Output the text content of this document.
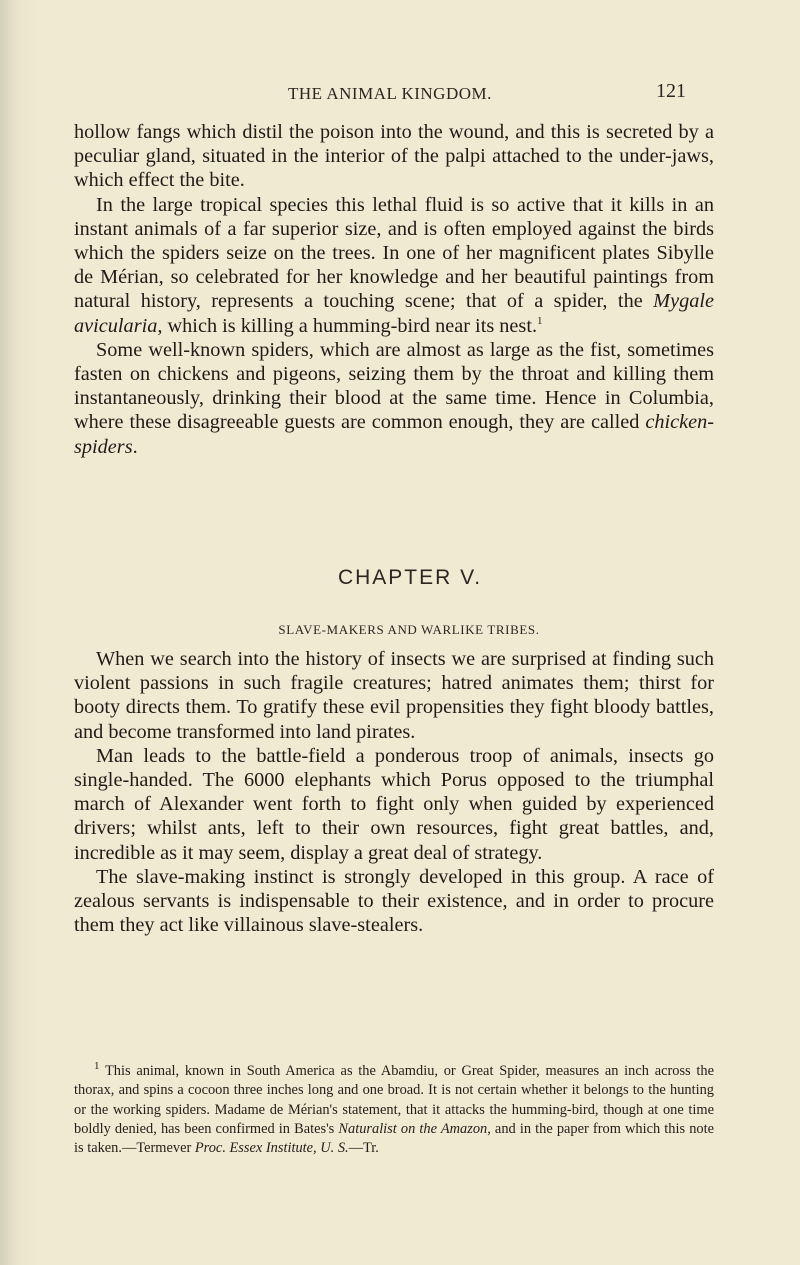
THE ANIMAL KINGDOM.	121

hollow fangs which distil the poison into the wound, and this is secreted by a peculiar gland, situated in the interior of the palpi attached to the under-jaws, which effect the bite.

In the large tropical species this lethal fluid is so active that it kills in an instant animals of a far superior size, and is often employed against the birds which the spiders seize on the trees. In one of her magnificent plates Sibylle de Mérian, so celebrated for her knowledge and her beautiful paintings from natural history, represents a touching scene; that of a spider, the Mygale avicularia, which is killing a humming-bird near its nest.$^1$

Some well-known spiders, which are almost as large as the fist, sometimes fasten on chickens and pigeons, seizing them by the throat and killing them instantaneously, drinking their blood at the same time. Hence in Columbia, where these disagreeable guests are common enough, they are called chicken-spiders.

CHAPTER V.
SLAVE-MAKERS AND WARLIKE TRIBES.

When we search into the history of insects we are surprised at finding such violent passions in such fragile creatures; hatred animates them; thirst for booty directs them. To gratify these evil propensities they fight bloody battles, and become transformed into land pirates.

Man leads to the battle-field a ponderous troop of animals, insects go single-handed. The 6000 elephants which Porus opposed to the triumphal march of Alexander went forth to fight only when guided by experienced drivers; whilst ants, left to their own resources, fight great battles, and, incredible as it may seem, display a great deal of strategy.

The slave-making instinct is strongly developed in this group. A race of zealous servants is indispensable to their existence, and in order to procure them they act like villainous slave-stealers.

$^1$ This animal, known in South America as the Abamdiu, or Great Spider, measures an inch across the thorax, and spins a cocoon three inches long and one broad. It is not certain whether it belongs to the hunting or the working spiders. Madame de Mérian's statement, that it attacks the humming-bird, though at one time boldly denied, has been confirmed in Bates's Naturalist on the Amazon, and in the paper from which this note is taken.—Termever Proc. Essex Institute, U. S.—Tr.
